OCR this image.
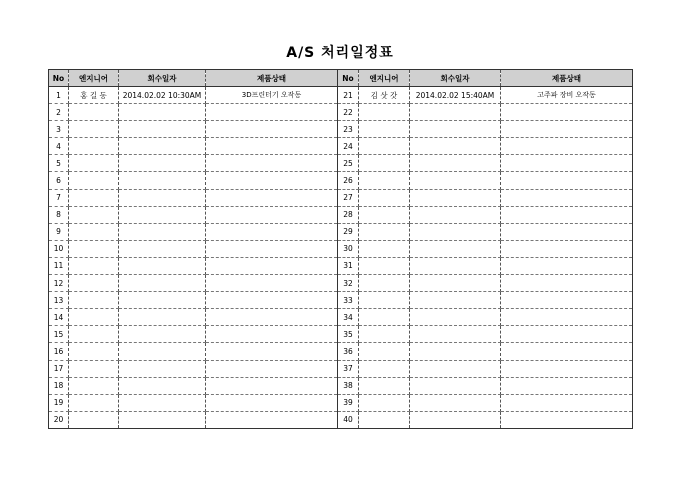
A/S 처리일정표
No	엔지니어	회수일자	제품상태	No	엔지니어	회수일자	제품상태
1	홍 길 동	2014.02.02 10:30AM	3D프린터기 오작동	21	김 삿 갓	2014.02.02 15:40AM	고주파 장비 오작동
2				22			
3				23			
4				24			
5				25			
6				26			
7				27			
8				28			
9				29			
10				30			
11				31			
12				32			
13				33			
14				34			
15				35			
16				36			
17				37			
18				38			
19				39			
20				40			
